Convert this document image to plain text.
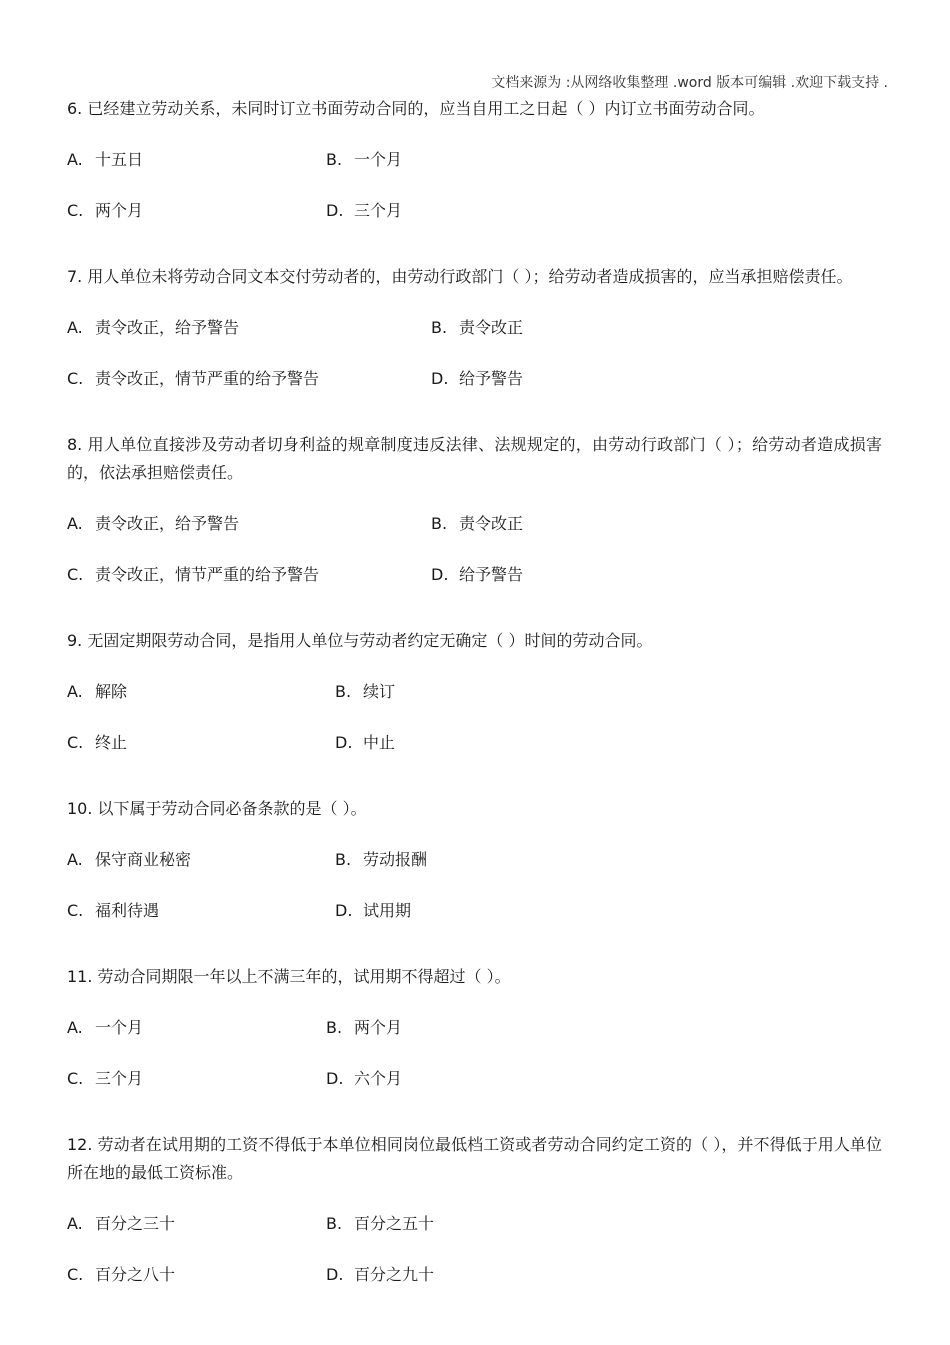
文档来源为 :从网络收集整理 .word 版本可编辑 .欢迎下载支持 .
6. 已经建立劳动关系，未同时订立书面劳动合同的，应当自用工之日起（ ）内订立书面劳动合同。
A. 十五日	B. 一个月
C. 两个月	D. 三个月
7. 用人单位未将劳动合同文本交付劳动者的，由劳动行政部门（ ）；给劳动者造成损害的，应当承担赔偿责任。
A. 责令改正，给予警告	B. 责令改正
C. 责令改正，情节严重的给予警告	D. 给予警告
8. 用人单位直接涉及劳动者切身利益的规章制度违反法律、法规规定的，由劳动行政部门（ ）；给劳动者造成损害的，依法承担赔偿责任。
A. 责令改正，给予警告	B. 责令改正
C. 责令改正，情节严重的给予警告	D. 给予警告
9. 无固定期限劳动合同，是指用人单位与劳动者约定无确定（ ）时间的劳动合同。
A. 解除	B. 续订
C. 终止	D. 中止
10. 以下属于劳动合同必备条款的是（ ）。
A. 保守商业秘密	B. 劳动报酬
C. 福利待遇	D. 试用期
11. 劳动合同期限一年以上不满三年的，试用期不得超过（ ）。
A. 一个月	B. 两个月
C. 三个月	D. 六个月
12. 劳动者在试用期的工资不得低于本单位相同岗位最低档工资或者劳动合同约定工资的（ ），并不得低于用人单位所在地的最低工资标准。
A. 百分之三十	B. 百分之五十
C. 百分之八十	D. 百分之九十
